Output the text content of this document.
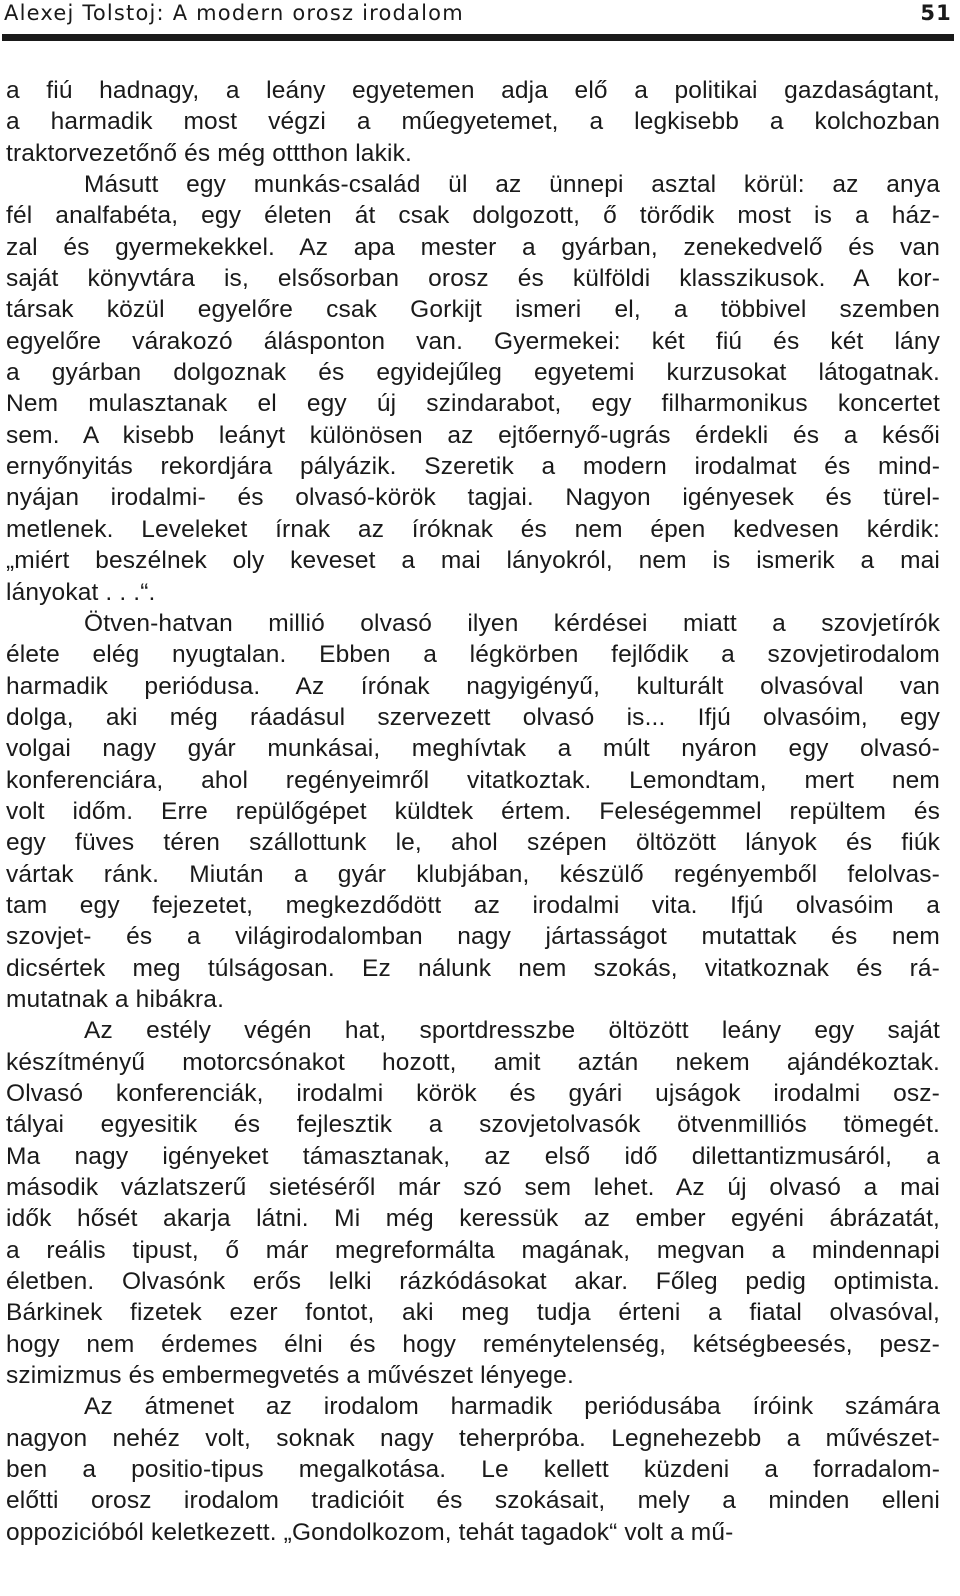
Alexej Tolstoj: A modern orosz irodalom	51
a fiú hadnagy, a leány egyetemen adja elő a politikai gazdaságtant,
a harmadik most végzi a műegyetemet, a legkisebb a kolchozban
traktorvezetőnő és még ottthon lakik.
Másutt egy munkás-család ül az ünnepi asztal körül: az anya
fél analfabéta, egy életen át csak dolgozott, ő törődik most is a ház-
zal és gyermekekkel. Az apa mester a gyárban, zenekedvelő és van
saját könyvtára is, elsősorban orosz és külföldi klasszikusok. A kor-
társak közül egyelőre csak Gorkijt ismeri el, a többivel szemben
egyelőre várakozó álásponton van. Gyermekei: két fiú és két lány
a gyárban dolgoznak és egyidejűleg egyetemi kurzusokat látogatnak.
Nem mulasztanak el egy új szindarabot, egy filharmonikus koncertet
sem. A kisebb leányt különösen az ejtőernyő-ugrás érdekli és a késői
ernyőnyitás rekordjára pályázik. Szeretik a modern irodalmat és mind-
nyájan irodalmi- és olvasó-körök tagjai. Nagyon igényesek és türel-
metlenek. Leveleket írnak az íróknak és nem épen kedvesen kérdik:
„miért beszélnek oly keveset a mai lányokról, nem is ismerik a mai
lányokat . . .“.
Ötven-hatvan millió olvasó ilyen kérdései miatt a szovjetírók
élete elég nyugtalan. Ebben a légkörben fejlődik a szovjetirodalom
harmadik periódusa. Az írónak nagyigényű, kulturált olvasóval van
dolga, aki még ráadásul szervezett olvasó is... Ifjú olvasóim, egy
volgai nagy gyár munkásai, meghívtak a múlt nyáron egy olvasó-
konferenciára, ahol regényeimről vitatkoztak. Lemondtam, mert nem
volt időm. Erre repülőgépet küldtek értem. Feleségemmel repültem és
egy füves téren szállottunk le, ahol szépen öltözött lányok és fiúk
vártak ránk. Miután a gyár klubjában, készülő regényemből felolvas-
tam egy fejezetet, megkezdődött az irodalmi vita. Ifjú olvasóim a
szovjet- és a világirodalomban nagy jártasságot mutattak és nem
dicsértek meg túlságosan. Ez nálunk nem szokás, vitatkoznak és rá-
mutatnak a hibákra.
Az estély végén hat, sportdresszbe öltözött leány egy saját
készítményű motorcsónakot hozott, amit aztán nekem ajándékoztak.
Olvasó konferenciák, irodalmi körök és gyári ujságok irodalmi osz-
tályai egyesitik és fejlesztik a szovjetolvasók ötvenmilliós tömegét.
Ma nagy igényeket támasztanak, az első idő dilettantizmusáról, a
második vázlatszerű sietéséről már szó sem lehet. Az új olvasó a mai
idők hősét akarja látni. Mi még keressük az ember egyéni ábrázatát,
a reális tipust, ő már megreformálta magának, megvan a mindennapi
életben. Olvasónk erős lelki rázkódásokat akar. Főleg pedig optimista.
Bárkinek fizetek ezer fontot, aki meg tudja érteni a fiatal olvasóval,
hogy nem érdemes élni és hogy reménytelenség, kétségbeesés, pesz-
szimizmus és embermegvetés a művészet lényege.
Az átmenet az irodalom harmadik periódusába íróink számára
nagyon nehéz volt, soknak nagy teherpróba. Legnehezebb a művészet-
ben a positio-tipus megalkotása. Le kellett küzdeni a forradalom-
előtti orosz irodalom tradicióit és szokásait, mely a minden elleni
oppozicióból keletkezett. „Gondolkozom, tehát tagadok“ volt a mű-
